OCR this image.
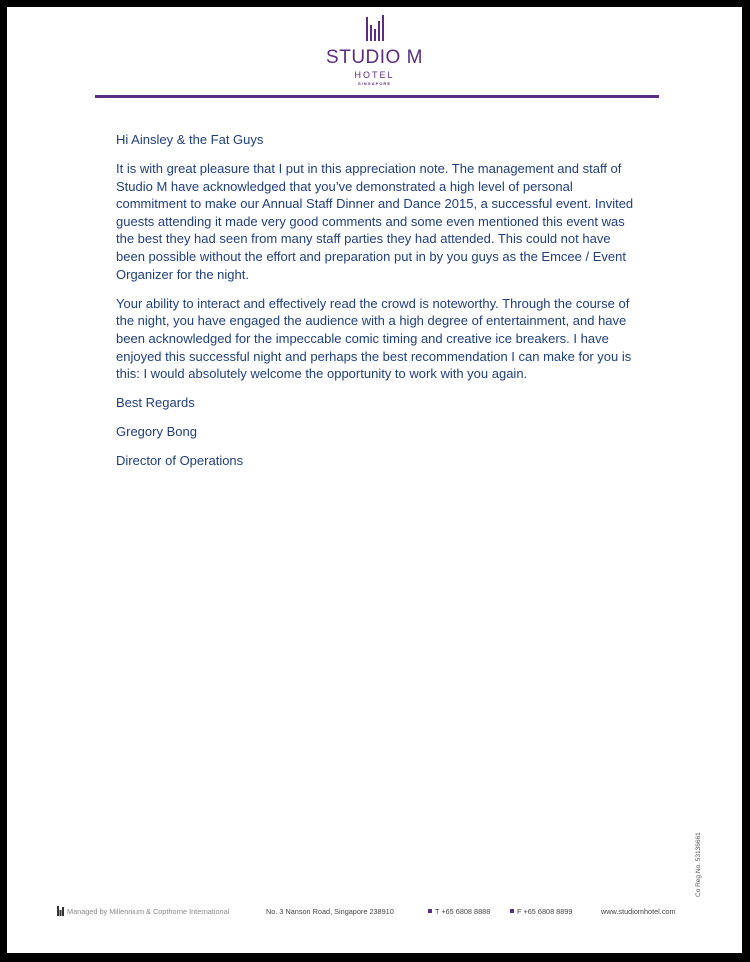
STUDIO M
HOTEL
SINGAPORE

Hi Ainsley & the Fat Guys

It is with great pleasure that I put in this appreciation note. The management and staff of Studio M have acknowledged that you’ve demonstrated a high level of personal commitment to make our Annual Staff Dinner and Dance 2015, a successful event. Invited guests attending it made very good comments and some even mentioned this event was the best they had seen from many staff parties they had attended. This could not have been possible without the effort and preparation put in by you guys as the Emcee / Event Organizer for the night.

Your ability to interact and effectively read the crowd is noteworthy. Through the course of the night, you have engaged the audience with a high degree of entertainment, and have been acknowledged for the impeccable comic timing and creative ice breakers. I have enjoyed this successful night and perhaps the best recommendation I can make for you is this: I would absolutely welcome the opportunity to work with you again.

Best Regards

Gregory Bong

Director of Operations

Co Reg No. 53136661
Managed by Millennium & Copthorne International	No. 3 Nanson Road, Singapore 238910	T +65 6808 8888	F +65 6808 8899	www.studiomhotel.com
